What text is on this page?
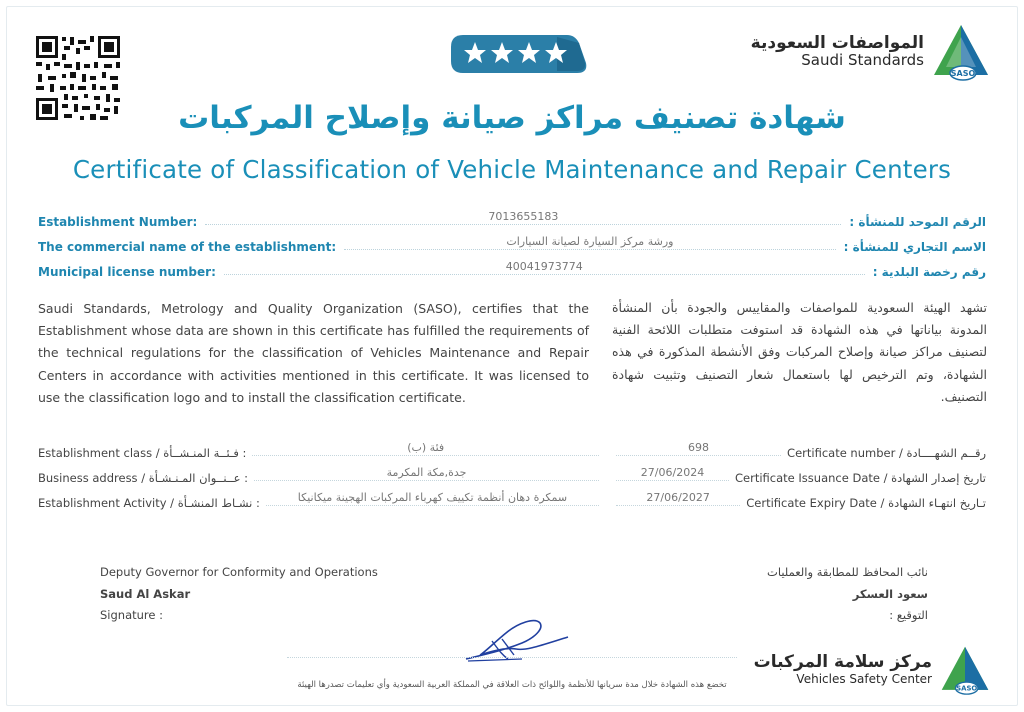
المواصفات السعودية
Saudi Standards
SASO
شهادة تصنيف مراكز صيانة وإصلاح المركبات
Certificate of Classification of Vehicle Maintenance and Repair Centers
Establishment Number:	7013655183	الرقم الموحد للمنشأة :
The commercial name of the establishment:	ورشة مركز السيارة لصيانة السيارات	الاسم التجاري للمنشأة :
Municipal license number:	40041973774	رقم رخصة البلدية :
Saudi Standards, Metrology and Quality Organization (SASO), certifies that the Establishment whose data are shown in this certificate has fulfilled the requirements of the technical regulations for the classification of Vehicles Maintenance and Repair Centers in accordance with activities mentioned in this certificate. It was licensed to use the classification logo and to install the classification certificate.
تشهد الهيئة السعودية للمواصفات والمقاييس والجودة بأن المنشأة المدونة بياناتها في هذه الشهادة قد استوفت متطلبات اللائحة الفنية لتصنيف مراكز صيانة وإصلاح المركبات وفق الأنشطة المذكورة في هذه الشهادة، وتم الترخيص لها باستعمال شعار التصنيف وتثبيت شهادة التصنيف.
Establishment class / فـئــة المنـشــأة :	فئة (ب)
Business address / عــنــوان المـنـشـأة :	جدة,مكة المكرمة
Establishment Activity / نشـاط المنشـأة :	سمكرة دهان أنظمة تكييف كهرباء المركبات الهجينة ميكانيكا
698	Certificate number / رقــم الشهــــادة
27/06/2024	Certificate Issuance Date / تاريخ إصدار الشهادة
27/06/2027	Certificate Expiry Date / تـاريخ انتهـاء الشهادة
Deputy Governor for Conformity and Operations
Saud Al Askar
Signature :
نائب المحافظ للمطابقة والعمليات
سعود العسكر
التوقيع :
تخضع هذه الشهادة خلال مدة سريانها للأنظمة واللوائح ذات العلاقة في المملكة العربية السعودية وأي تعليمات تصدرها الهيئة
مركز سلامة المركبات
Vehicles Safety Center
SASO
